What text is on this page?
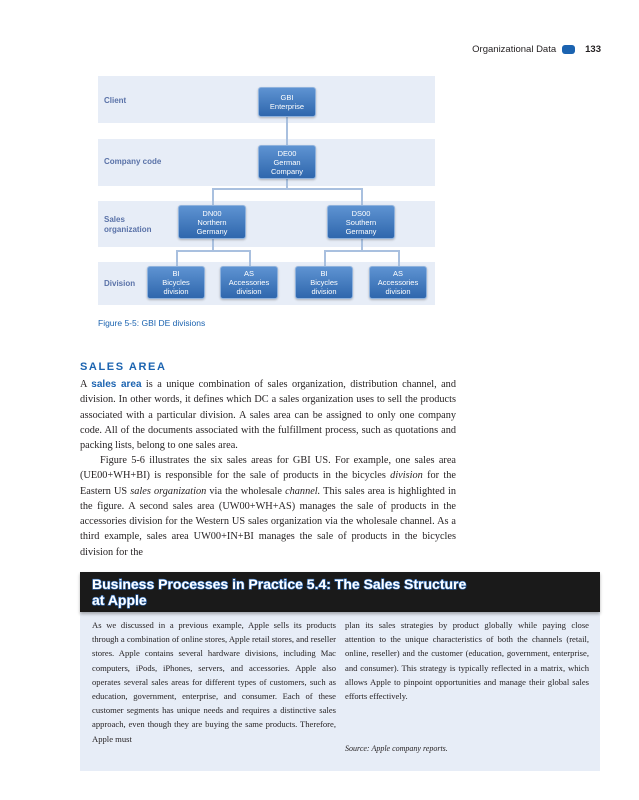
Organizational Data	133
Client
Company code
Sales organization
Division
GBI
Enterprise
DE00
German
Company
DN00
Northern
Germany
DS00
Southern
Germany
BI
Bicycles
division
AS
Accessories
division
BI
Bicycles
division
AS
Accessories
division
Figure 5-5: GBI DE divisions
SALES AREA

A sales area is a unique combination of sales organization, distribution channel, and division. In other words, it defines which DC a sales organization uses to sell the products associated with a particular division. A sales area can be assigned to only one company code. All of the documents associated with the fulfillment process, such as quotations and packing lists, belong to one sales area.

Figure 5-6 illustrates the six sales areas for GBI US. For example, one sales area (UE00+WH+BI) is responsible for the sale of products in the bicycles division for the Eastern US sales organization via the wholesale channel. This sales area is highlighted in the figure. A second sales area (UW00+WH+AS) manages the sale of products in the accessories division for the Western US sales organization via the wholesale channel. As a third example, sales area UW00+IN+BI manages the sale of products in the bicycles division for the

Business Processes in Practice 5.4: The Sales Structure at Apple
As we discussed in a previous example, Apple sells its products through a combination of online stores, Apple retail stores, and reseller stores. Apple contains several hardware divisions, including Mac computers, iPods, iPhones, servers, and accessories. Apple also operates several sales areas for different types of customers, such as education, government, enterprise, and consumer. Each of these customer segments has unique needs and requires a distinctive sales approach, even though they are buying the same products. Therefore, Apple must
plan its sales strategies by product globally while paying close attention to the unique characteristics of both the channels (retail, online, reseller) and the customer (education, government, enterprise, and consumer). This strategy is typically reflected in a matrix, which allows Apple to pinpoint opportunities and manage their global sales efforts effectively.
Source: Apple company reports.
